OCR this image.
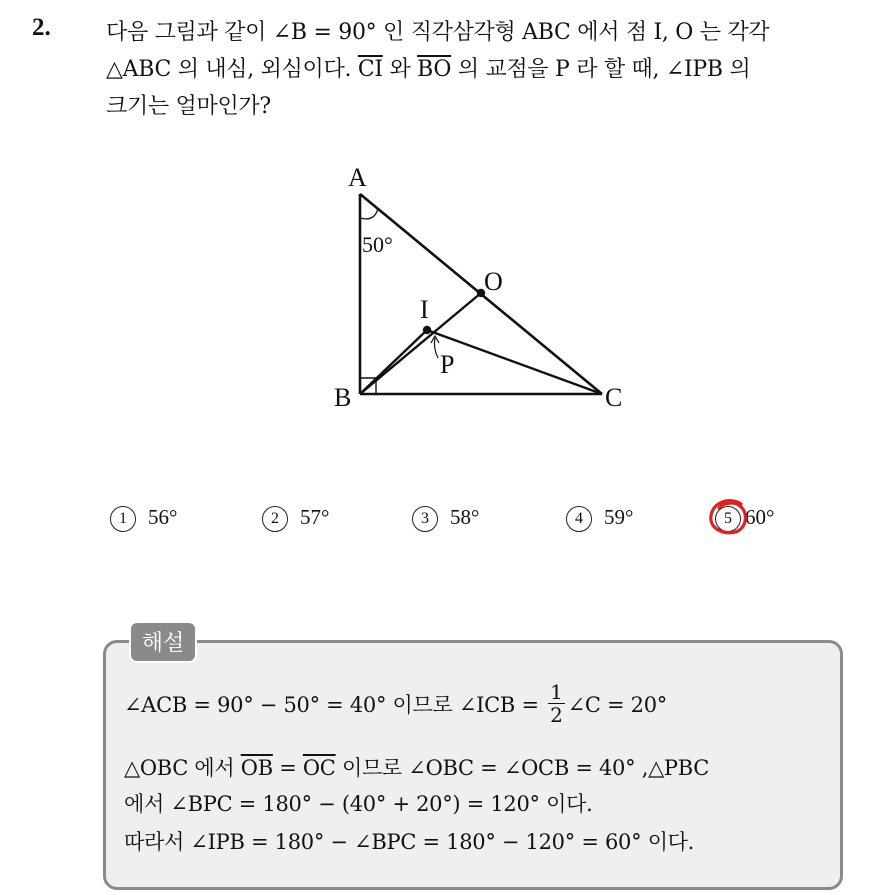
2.	다음 그림과 같이 ∠B = 90° 인 직각삼각형 ABC 에서 점 I, O 는 각각
△ABC 의 내심, 외심이다. $\overline{CI}$ 와 $\overline{BO}$ 의 교점을 P 라 할 때, ∠IPB 의
크기는 얼마인가?
A
B	C
I
O
P
50°
1 56°	2 57°	3 58°	4 59°	5 60°
해설
∠ACB = 90° − 50° = 40° 이므로 ∠ICB = $\frac{1}{2}$ ∠C = 20°
△OBC 에서 $\overline{OB} = \overline{OC}$ 이므로 ∠OBC = ∠OCB = 40° ,△PBC
에서 ∠BPC = 180° − (40° + 20°) = 120° 이다.
따라서 ∠IPB = 180° − ∠BPC = 180° − 120° = 60° 이다.
